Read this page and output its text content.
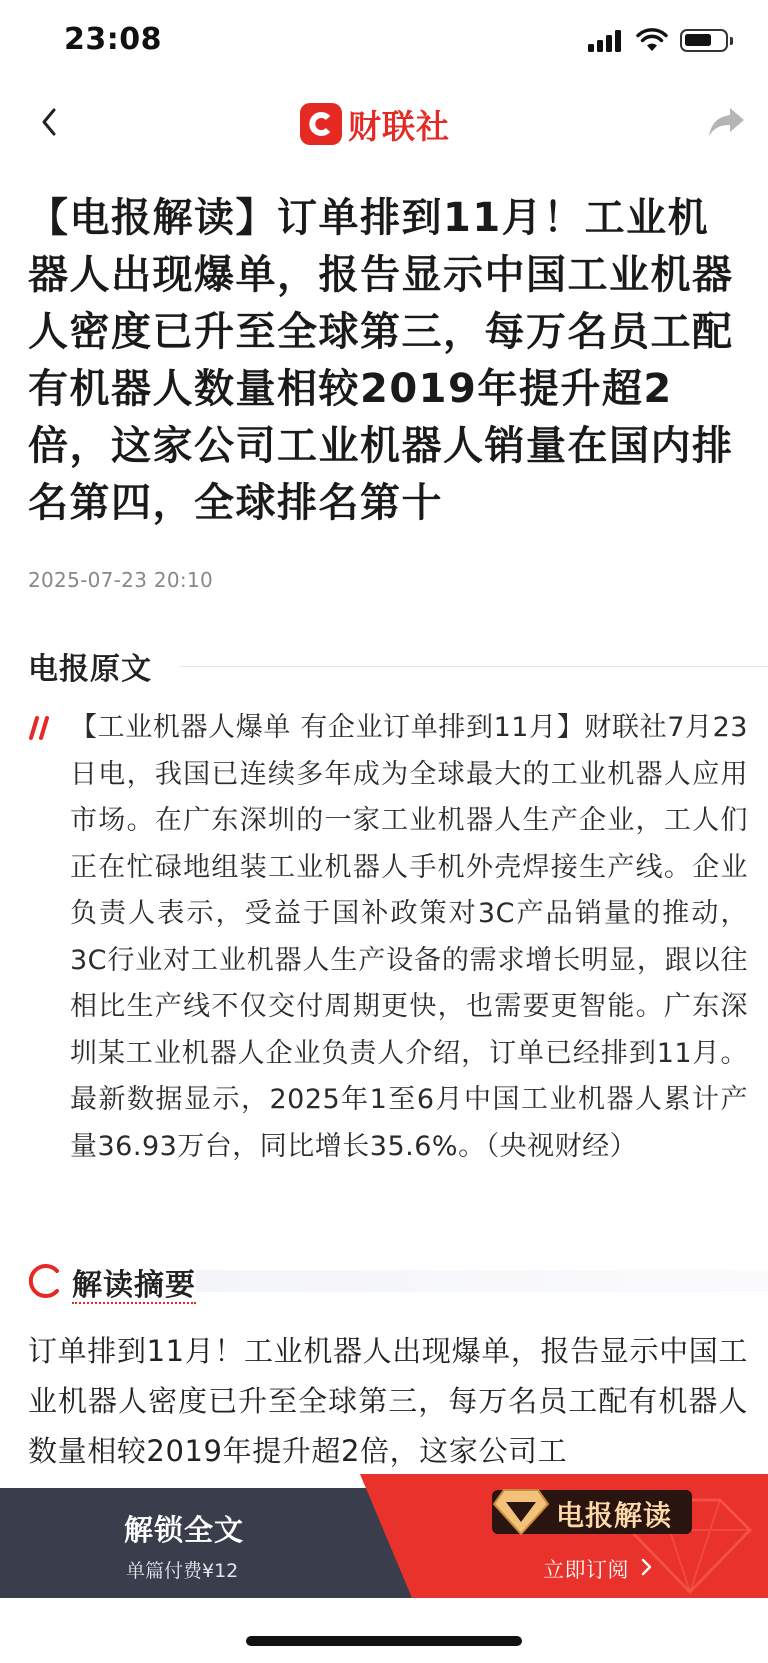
23:08
财联社
【电报解读】订单排到11月！工业机器人出现爆单，报告显示中国工业机器人密度已升至全球第三，每万名员工配有机器人数量相较2019年提升超2倍，这家公司工业机器人销量在国内排名第四，全球排名第十
2025-07-23 20:10
电报原文
【工业机器人爆单 有企业订单排到11月】财联社7月23日电，我国已连续多年成为全球最大的工业机器人应用市场。在广东深圳的一家工业机器人生产企业，工人们正在忙碌地组装工业机器人手机外壳焊接生产线。企业负责人表示，受益于国补政策对3C产品销量的推动，3C行业对工业机器人生产设备的需求增长明显，跟以往相比生产线不仅交付周期更快，也需要更智能。广东深圳某工业机器人企业负责人介绍，订单已经排到11月。最新数据显示，2025年1至6月中国工业机器人累计产量36.93万台，同比增长35.6%。（央视财经）
解读摘要
订单排到11月！工业机器人出现爆单，报告显示中国工业机器人密度已升至全球第三，每万名员工配有机器人数量相较2019年提升超2倍，这家公司工
解锁全文
单篇付费¥12
电报解读
立即订阅
